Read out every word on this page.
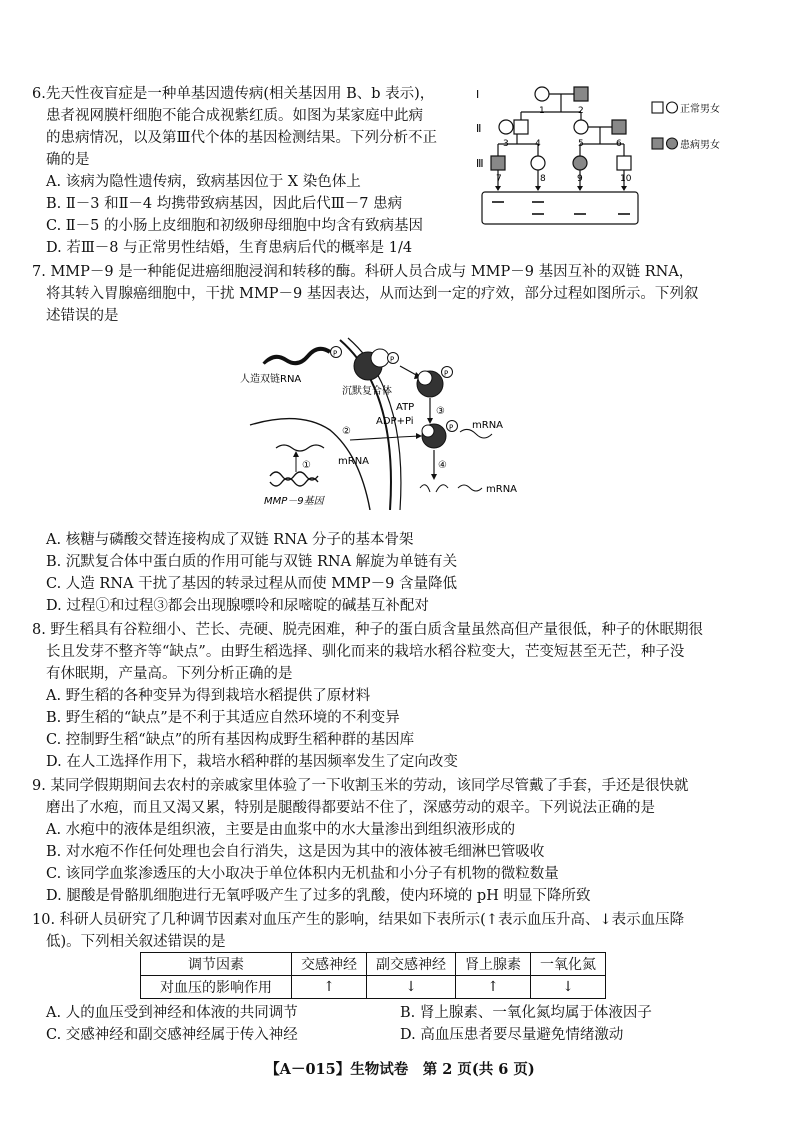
6.先天性夜盲症是一种单基因遗传病(相关基因用 B、b 表示)，
患者视网膜杆细胞不能合成视紫红质。如图为某家庭中此病
的患病情况，以及第Ⅲ代个体的基因检测结果。下列分析不正
确的是
A. 该病为隐性遗传病，致病基因位于 X 染色体上
B. Ⅱ－3 和Ⅱ－4 均携带致病基因，因此后代Ⅲ－7 患病
C. Ⅱ－5 的小肠上皮细胞和初级卵母细胞中均含有致病基因
D. 若Ⅲ－8 与正常男性结婚，生育患病后代的概率是 1/4
Ⅰ
Ⅱ
Ⅲ
1	2
3	4	5	6
7	8	9	10
正常男女
患病男女
7. MMP－9 是一种能促进癌细胞浸润和转移的酶。科研人员合成与 MMP－9 基因互补的双链 RNA，
将其转入胃腺癌细胞中，干扰 MMP－9 基因表达，从而达到一定的疗效，部分过程如图所示。下列叙
述错误的是
P
人造双链RNA
P
沉默复合体
P
ATP
ADP+Pi
③
P mRNA
②
mRNA	④
mRNA
①
MMP－9基因
A. 核糖与磷酸交替连接构成了双链 RNA 分子的基本骨架
B. 沉默复合体中蛋白质的作用可能与双链 RNA 解旋为单链有关
C. 人造 RNA 干扰了基因的转录过程从而使 MMP－9 含量降低
D. 过程①和过程③都会出现腺嘌呤和尿嘧啶的碱基互补配对
8. 野生稻具有谷粒细小、芒长、壳硬、脱壳困难，种子的蛋白质含量虽然高但产量很低，种子的休眠期很
长且发芽不整齐等“缺点”。由野生稻选择、驯化而来的栽培水稻谷粒变大，芒变短甚至无芒，种子没
有休眠期，产量高。下列分析正确的是
A. 野生稻的各种变异为得到栽培水稻提供了原材料
B. 野生稻的“缺点”是不利于其适应自然环境的不利变异
C. 控制野生稻“缺点”的所有基因构成野生稻种群的基因库
D. 在人工选择作用下，栽培水稻种群的基因频率发生了定向改变
9. 某同学假期期间去农村的亲戚家里体验了一下收割玉米的劳动，该同学尽管戴了手套，手还是很快就
磨出了水疱，而且又渴又累，特别是腿酸得都要站不住了，深感劳动的艰辛。下列说法正确的是
A. 水疱中的液体是组织液，主要是由血浆中的水大量渗出到组织液形成的
B. 对水疱不作任何处理也会自行消失，这是因为其中的液体被毛细淋巴管吸收
C. 该同学血浆渗透压的大小取决于单位体积内无机盐和小分子有机物的微粒数量
D. 腿酸是骨骼肌细胞进行无氧呼吸产生了过多的乳酸，使内环境的 pH 明显下降所致
10. 科研人员研究了几种调节因素对血压产生的影响，结果如下表所示(↑表示血压升高、↓表示血压降
低)。下列相关叙述错误的是
调节因素	交感神经	副交感神经	肾上腺素	一氧化氮
对血压的影响作用	↑	↓	↑	↓
A. 人的血压受到神经和体液的共同调节	B. 肾上腺素、一氧化氮均属于体液因子
C. 交感神经和副交感神经属于传入神经	D. 高血压患者要尽量避免情绪激动
【A－015】生物试卷　第 2 页(共 6 页)
